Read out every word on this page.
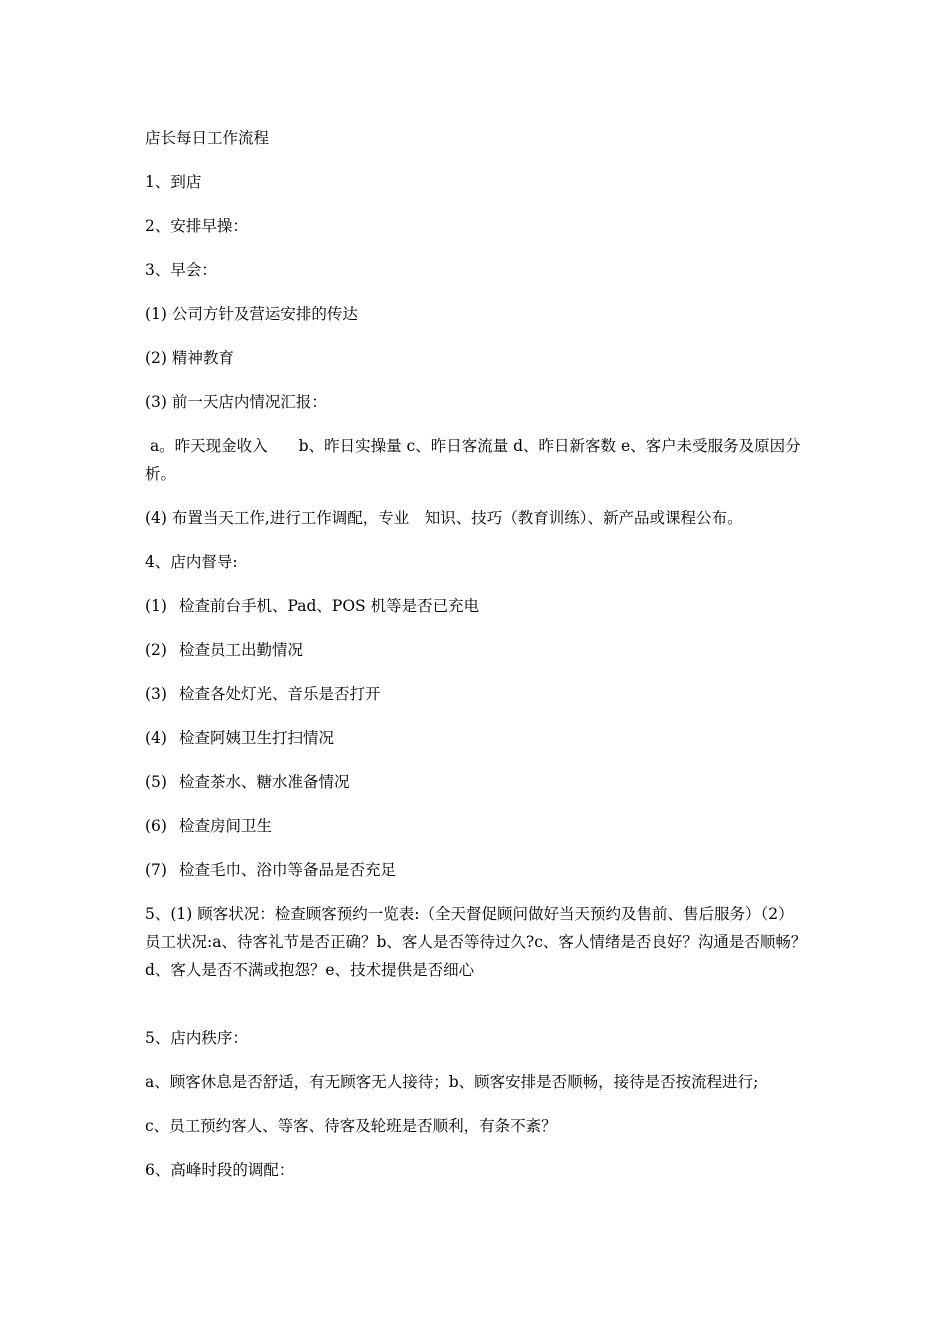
店长每日工作流程
1、到店
2、安排早操：
3、早会：
(1) 公司方针及营运安排的传达
(2) 精神教育
(3) 前一天店内情况汇报：
a。昨天现金收入　　b、昨日实操量 c、昨日客流量 d、昨日新客数 e、客户未受服务及原因分析。
(4) 布置当天工作,进行工作调配，专业　知识、技巧（教育训练）、新产品或课程公布。
4、店内督导:
(1) 检查前台手机、Pad、POS 机等是否已充电
(2) 检查员工出勤情况
(3) 检查各处灯光、音乐是否打开
(4) 检查阿姨卫生打扫情况
(5) 检查茶水、糖水准备情况
(6) 检查房间卫生
(7) 检查毛巾、浴巾等备品是否充足
5、(1) 顾客状况：检查顾客预约一览表:（全天督促顾问做好当天预约及售前、售后服务）（2）　员工状况:a、待客礼节是否正确？b、客人是否等待过久?c、客人情绪是否良好？沟通是否顺畅？d、客人是否不满或抱怨？e、技术提供是否细心
5、店内秩序：
a、顾客休息是否舒适，有无顾客无人接待；b、顾客安排是否顺畅，接待是否按流程进行;
c、员工预约客人、等客、待客及轮班是否顺利，有条不紊？
6、高峰时段的调配：
